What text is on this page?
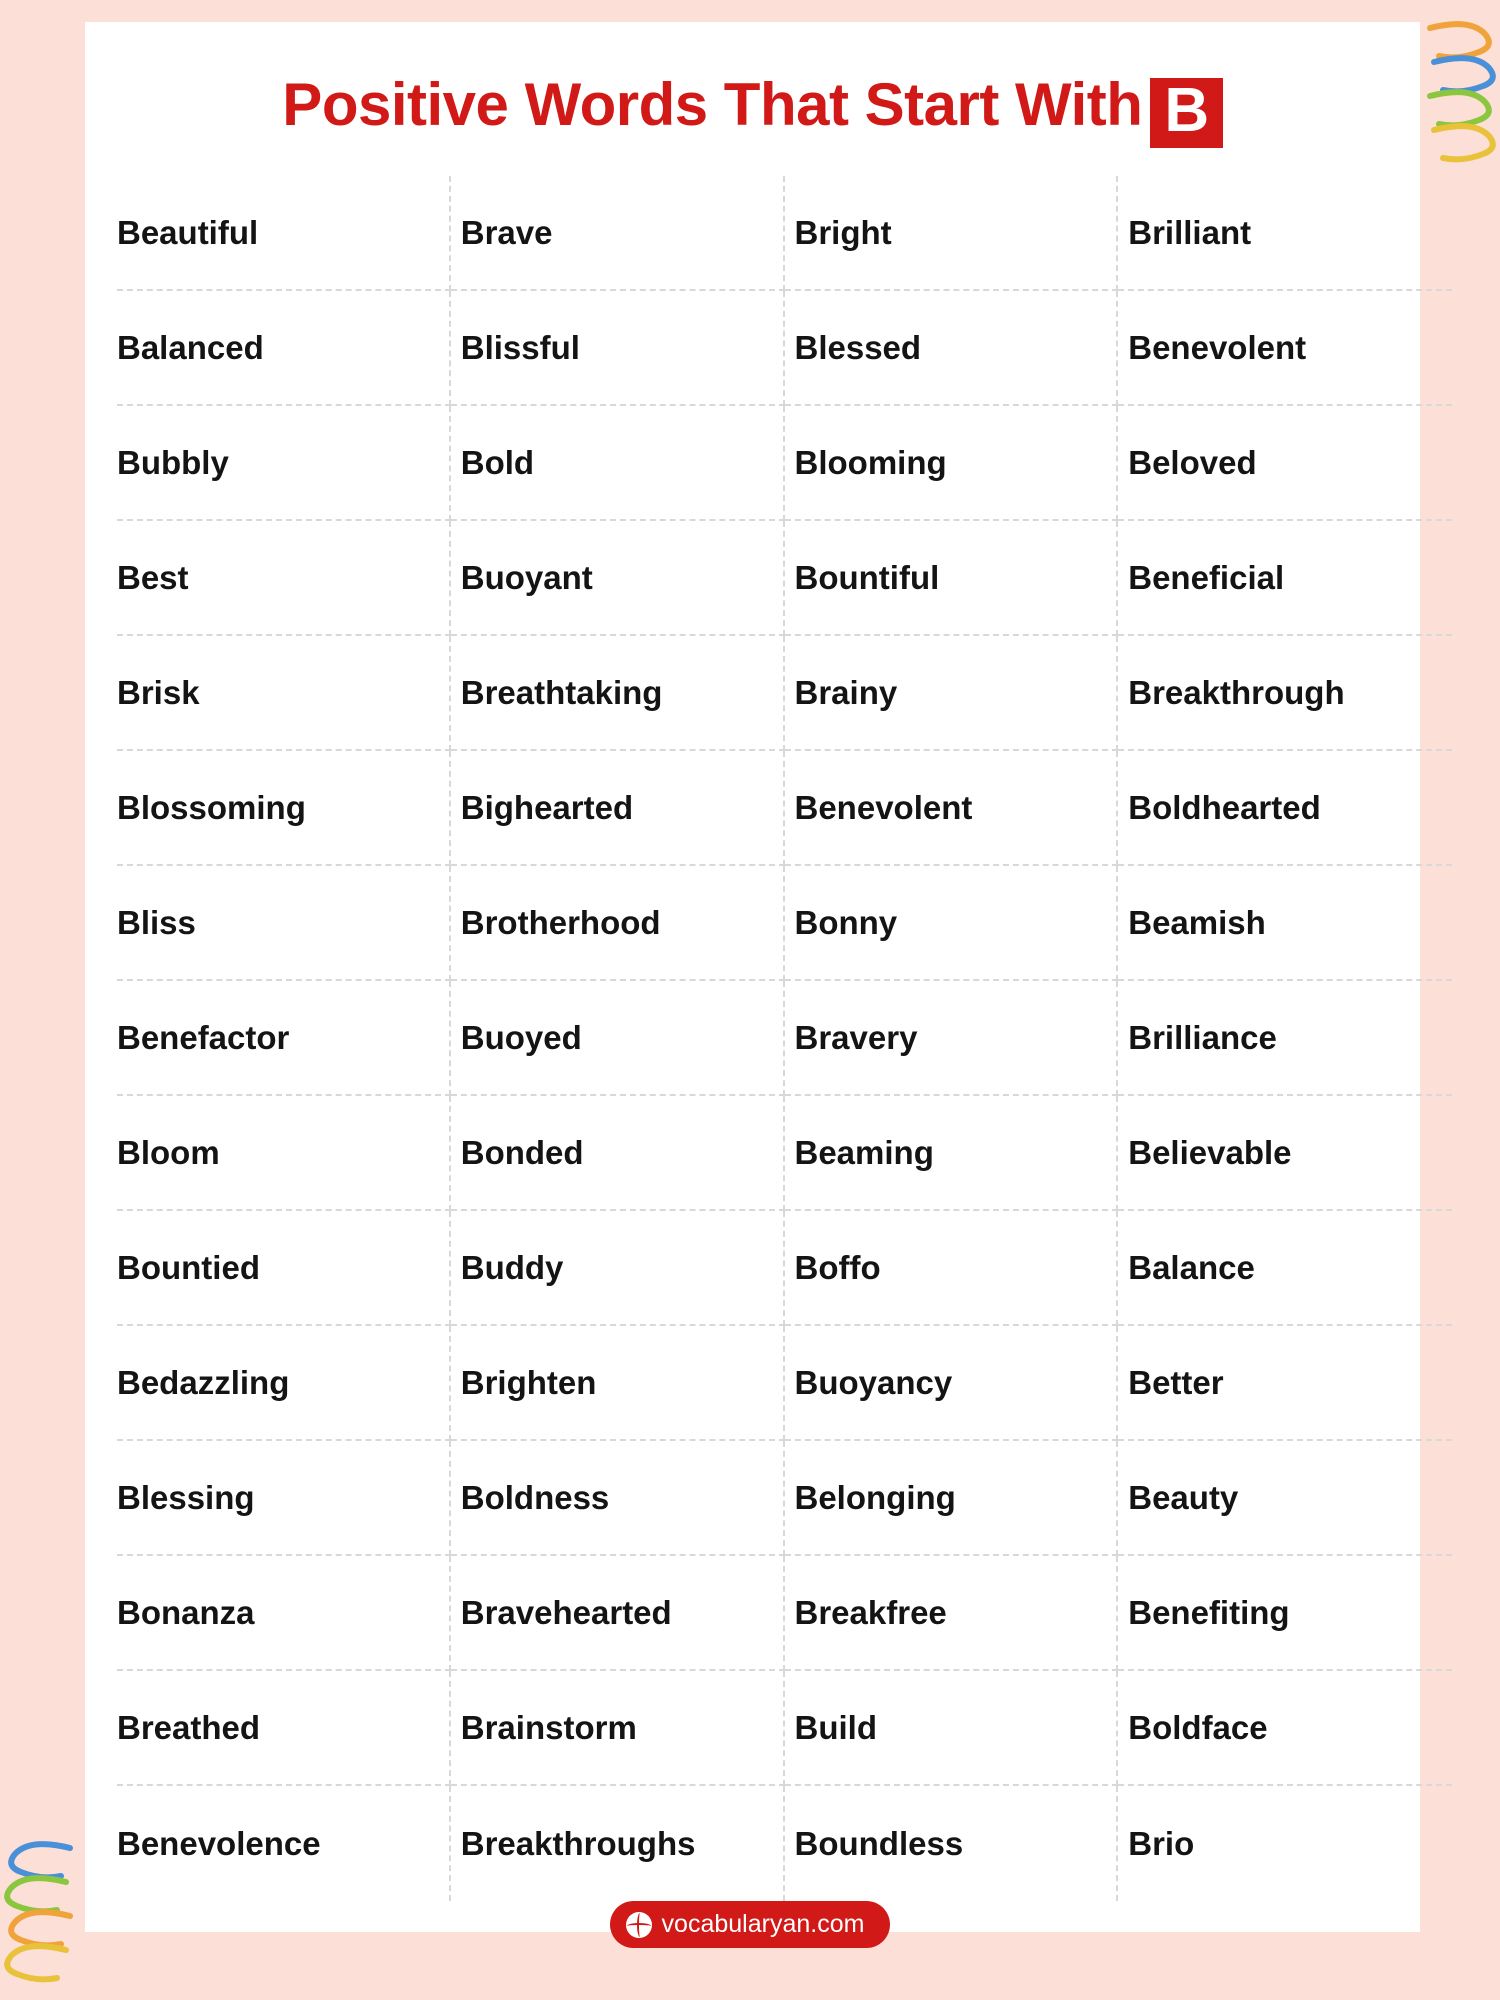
Positive Words That Start With B
Beautiful	Brave	Bright	Brilliant
Balanced	Blissful	Blessed	Benevolent
Bubbly	Bold	Blooming	Beloved
Best	Buoyant	Bountiful	Beneficial
Brisk	Breathtaking	Brainy	Breakthrough
Blossoming	Bighearted	Benevolent	Boldhearted
Bliss	Brotherhood	Bonny	Beamish
Benefactor	Buoyed	Bravery	Brilliance
Bloom	Bonded	Beaming	Believable
Bountied	Buddy	Boffo	Balance
Bedazzling	Brighten	Buoyancy	Better
Blessing	Boldness	Belonging	Beauty
Bonanza	Bravehearted	Breakfree	Benefiting
Breathed	Brainstorm	Build	Boldface
Benevolence	Breakthroughs	Boundless	Brio
vocabularyan.com
